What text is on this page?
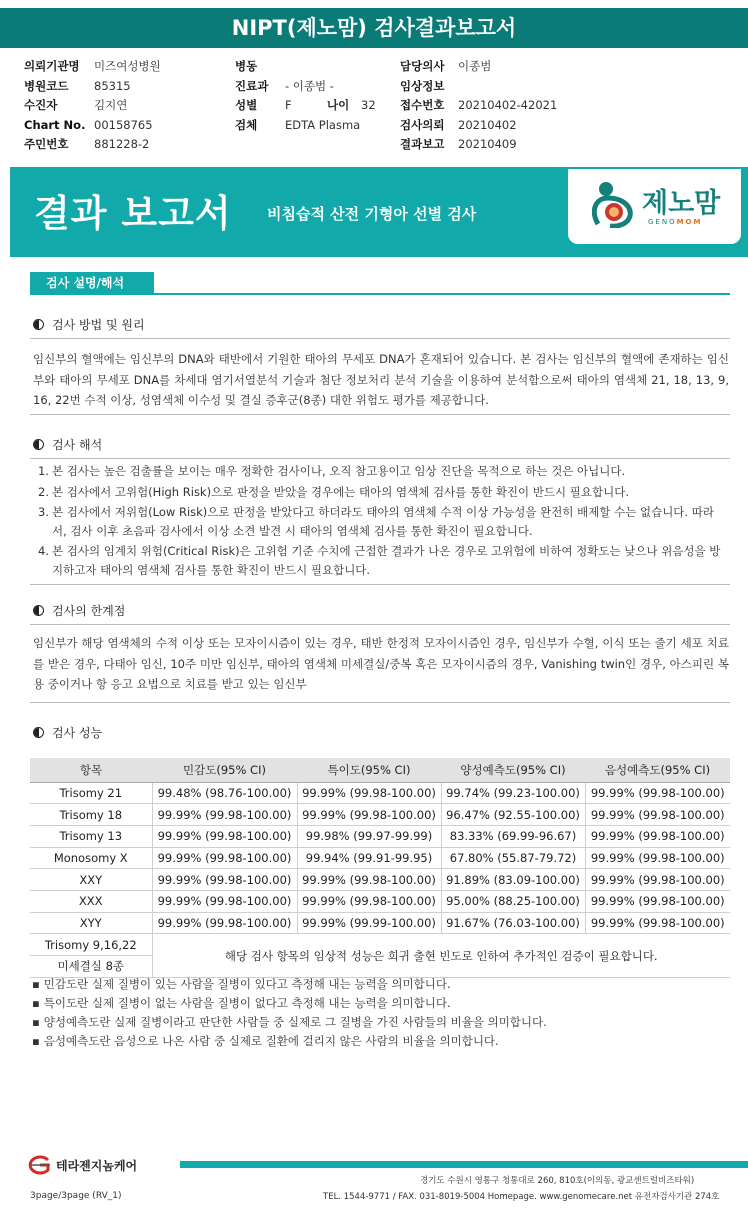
NIPT(제노맘) 검사결과보고서
의뢰기관명	미즈여성병원
병원코드	85315
수진자	김지연
Chart No. 00158765
주민번호	881228-2
병동
진료과	- 이종범 -
성별	F	나이	32
검체	EDTA Plasma
담당의사	이종범
임상정보
접수번호	20210402-42021
검사의뢰	20210402
결과보고	20210409
결과 보고서 비침습적 산전 기형아 선별 검사	제노맘
GENOMOM
검사 설명/해석
검사 방법 및 원리
임신부의 혈액에는 임신부의 DNA와 태반에서 기원한 태아의 무세포 DNA가 혼재되어 있습니다. 본 검사는 임신부의 혈액에 존재하는 임신부와 태아의 무세포 DNA를 차세대 염기서열분석 기술과 첨단 정보처리 분석 기술을 이용하여 분석함으로써 태아의 염색체 21, 18, 13, 9, 16, 22번 수적 이상, 성염색체 이수성 및 결실 증후군(8종) 대한 위험도 평가를 제공합니다.
검사 해석
1. 본 검사는 높은 검출률을 보이는 매우 정확한 검사이나, 오직 참고용이고 임상 진단을 목적으로 하는 것은 아닙니다.
2. 본 검사에서 고위험(High Risk)으로 판정을 받았을 경우에는 태아의 염색체 검사를 통한 확진이 반드시 필요합니다.
3. 본 검사에서 저위험(Low Risk)으로 판정을 받았다고 하더라도 태아의 염색체 수적 이상 가능성을 완전히 배제할 수는 없습니다. 따라서, 검사 이후 초음파 검사에서 이상 소견 발견 시 태아의 염색체 검사를 통한 확진이 필요합니다.
4. 본 검사의 임계치 위험(Critical Risk)은 고위험 기준 수치에 근접한 결과가 나온 경우로 고위험에 비하여 정확도는 낮으나 위음성을 방지하고자 태아의 염색체 검사를 통한 확진이 반드시 필요합니다.
검사의 한계점
임신부가 해당 염색체의 수적 이상 또는 모자이시즘이 있는 경우, 태반 한정적 모자이시즘인 경우, 임신부가 수혈, 이식 또는 줄기 세포 치료를 받은 경우, 다태아 임신, 10주 미만 임신부, 태아의 염색체 미세결실/중복 혹은 모자이시즘의 경우, Vanishing twin인 경우, 아스피린 복용 중이거나 항 응고 요법으로 치료를 받고 있는 임신부
검사 성능
항목	민감도(95% CI)	특이도(95% CI)	양성예측도(95% CI)	음성예측도(95% CI)
Trisomy 21	99.48% (98.76-100.00)	99.99% (99.98-100.00)	99.74% (99.23-100.00)	99.99% (99.98-100.00)
Trisomy 18	99.99% (99.98-100.00)	99.99% (99.98-100.00)	96.47% (92.55-100.00)	99.99% (99.98-100.00)
Trisomy 13	99.99% (99.98-100.00)	99.98% (99.97-99.99)	83.33% (69.99-96.67)	99.99% (99.98-100.00)
Monosomy X	99.99% (99.98-100.00)	99.94% (99.91-99.95)	67.80% (55.87-79.72)	99.99% (99.98-100.00)
XXY	99.99% (99.98-100.00)	99.99% (99.98-100.00)	91.89% (83.09-100.00)	99.99% (99.98-100.00)
XXX	99.99% (99.98-100.00)	99.99% (99.98-100.00)	95.00% (88.25-100.00)	99.99% (99.98-100.00)
XYY	99.99% (99.98-100.00)	99.99% (99.99-100.00)	91.67% (76.03-100.00)	99.99% (99.98-100.00)
Trisomy 9,16,22	해당 검사 항목의 임상적 성능은 희귀 출현 빈도로 인하여 추가적인 검증이 필요합니다.			
미세결실 8종				
▪ 민감도란 실제 질병이 있는 사람을 질병이 있다고 측정해 내는 능력을 의미합니다.
▪ 특이도란 실제 질병이 없는 사람을 질병이 없다고 측정해 내는 능력을 의미합니다.
▪ 양성예측도란 실제 질병이라고 판단한 사람들 중 실제로 그 질병을 가진 사람들의 비율을 의미합니다.
▪ 음성예측도란 음성으로 나온 사람 중 실제로 질환에 걸리지 않은 사람의 비율을 의미합니다.
테라젠지놈케어
경기도 수원시 영통구 청통대로 260, 810호(이의동, 광교센트럴비즈타워)
TEL. 1544-9771 / FAX. 031-8019-5004 Homepage. www.genomecare.net 유전자검사기관 274호
3page/3page (RV_1)
